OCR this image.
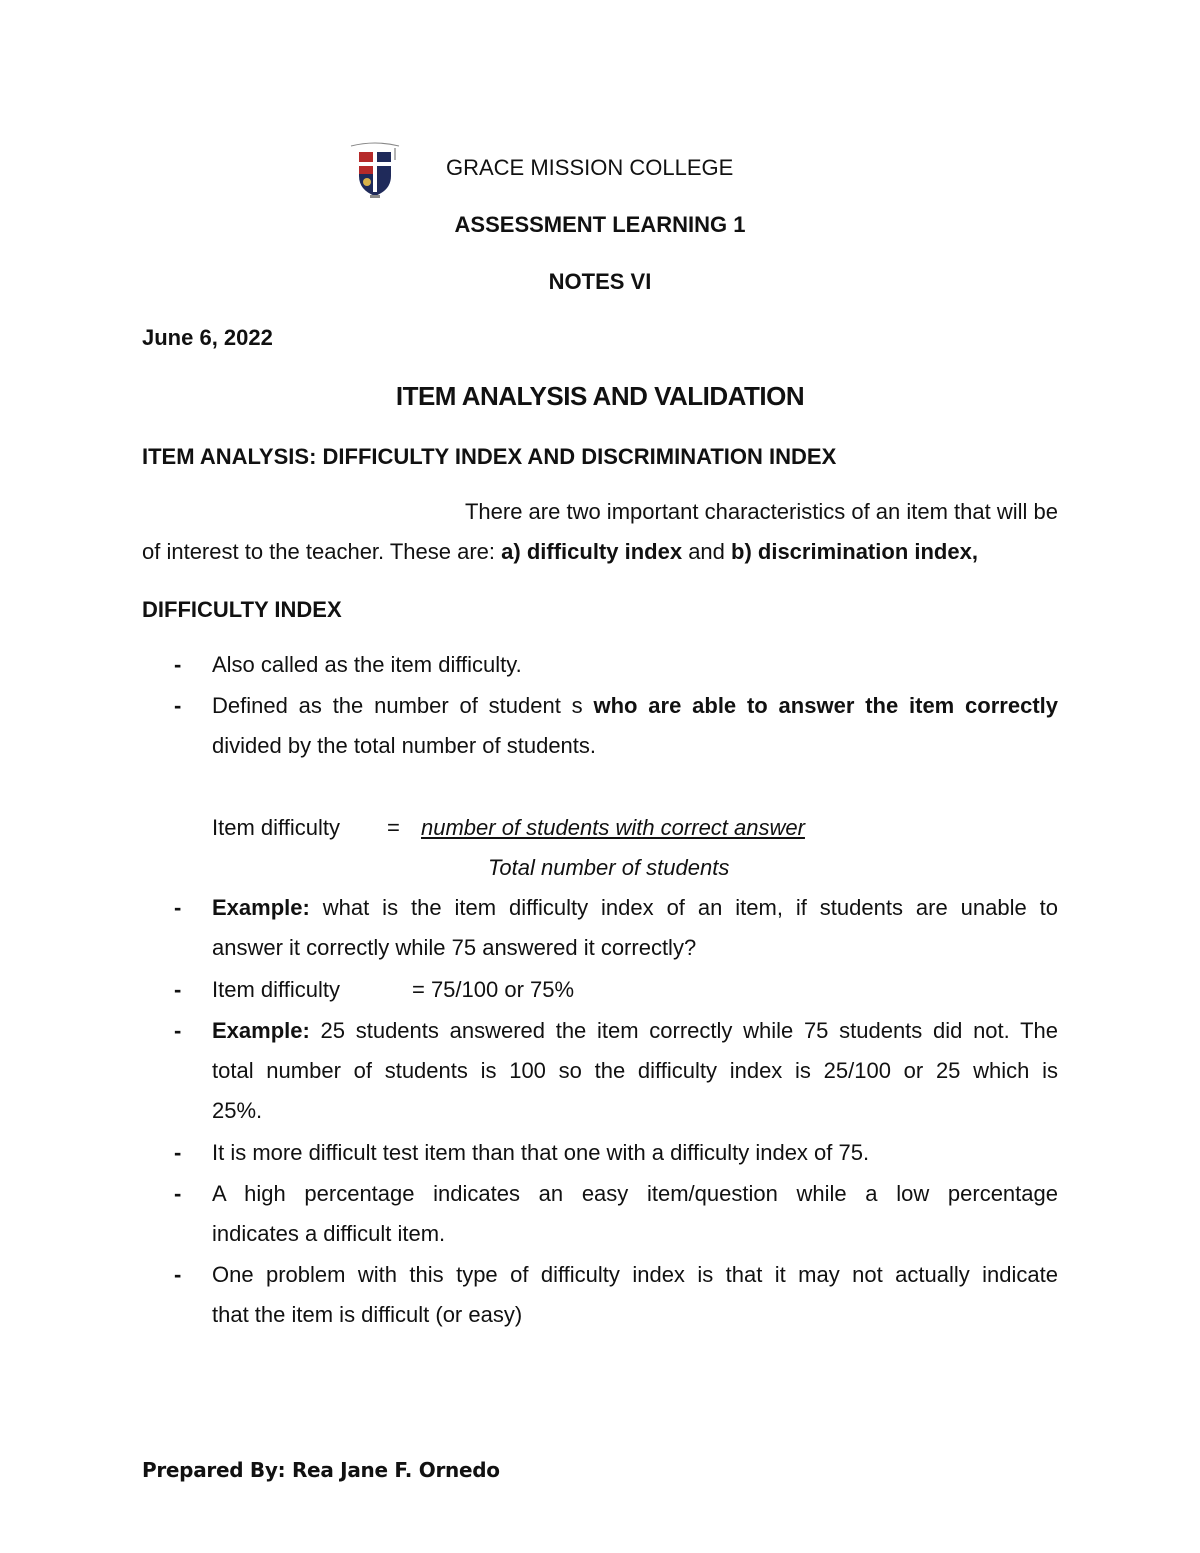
GRACE MISSION COLLEGE
ASSESSMENT LEARNING 1
NOTES VI
June 6, 2022
ITEM ANALYSIS AND VALIDATION
ITEM ANALYSIS: DIFFICULTY INDEX AND DISCRIMINATION INDEX
There are two important characteristics of an item that will be
of interest to the teacher. These are: a) difficulty index and b) discrimination index,
DIFFICULTY INDEX
- Also called as the item difficulty.
- Defined as the number of student s who are able to answer the item correctly
divided by the total number of students.
Item difficulty = number of students with correct answer
Total number of students
- Example: what is the item difficulty index of an item, if students are unable to
answer it correctly while 75 answered it correctly?
- Item difficulty	= 75/100 or 75%
- Example: 25 students answered the item correctly while 75 students did not. The
total number of students is 100 so the difficulty index is 25/100 or 25 which is
25%.
- It is more difficult test item than that one with a difficulty index of 75.
- A high percentage indicates an easy item/question while a low percentage
indicates a difficult item.
- One problem with this type of difficulty index is that it may not actually indicate
that the item is difficult (or easy)
Prepared By: Rea Jane F. Ornedo
